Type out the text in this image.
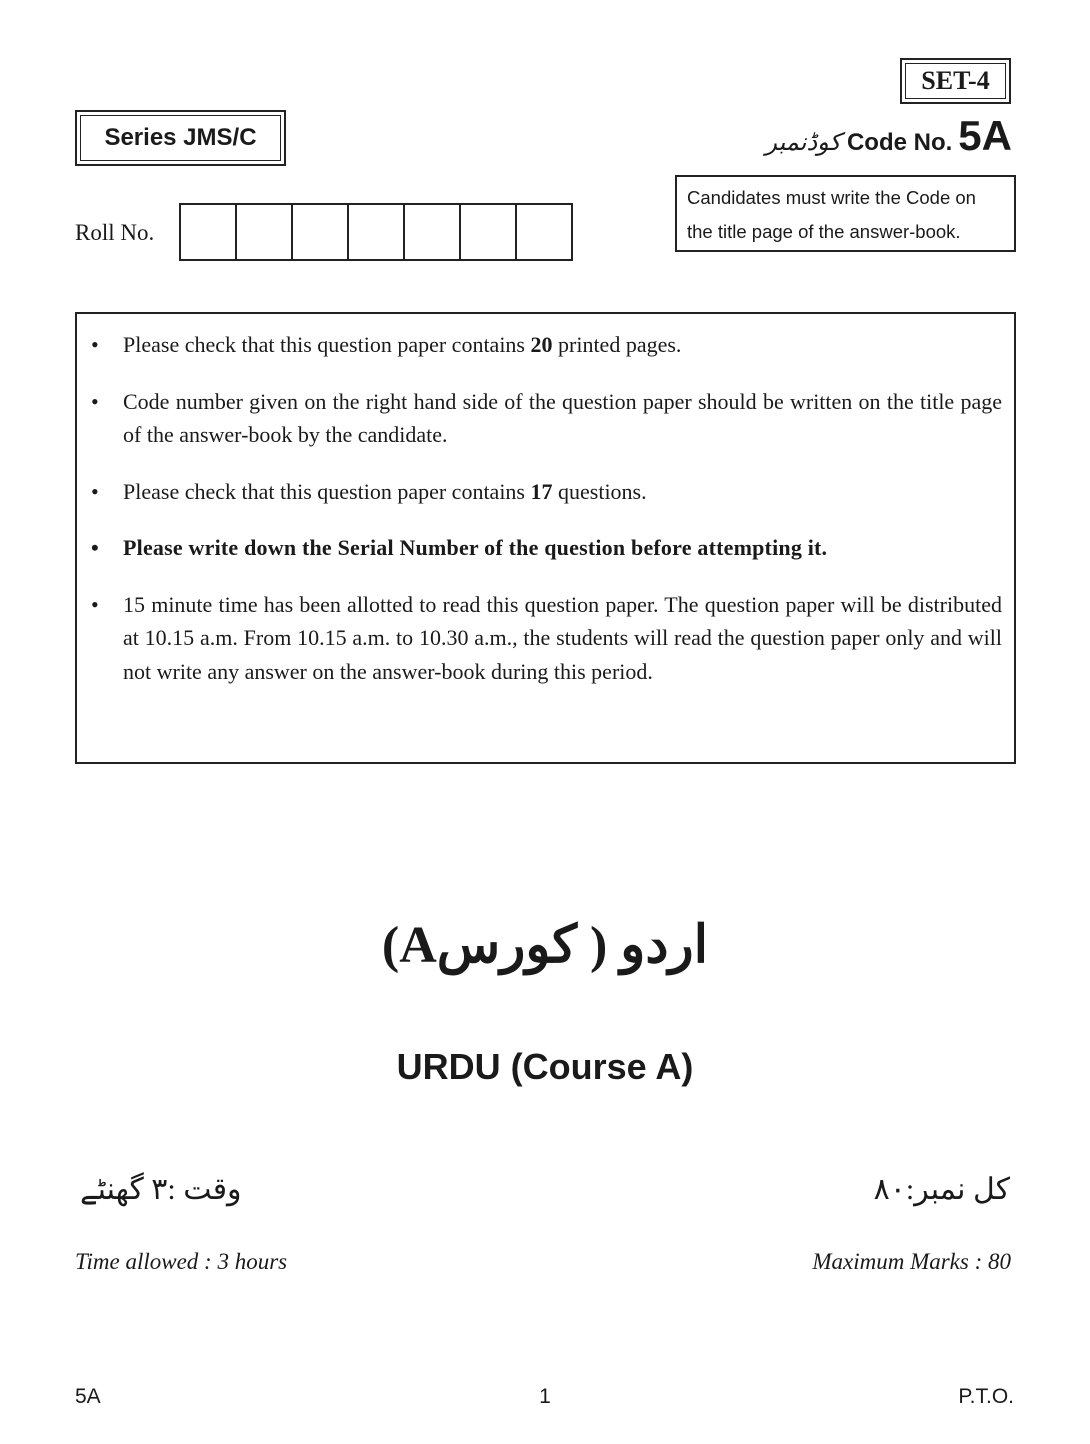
SET-4
Series JMS/C	کوڈنمبر Code No. 5A
Candidates must write the Code on
the title page of the answer-book.
Roll No.
• Please check that this question paper contains 20 printed pages.
• Code number given on the right hand side of the question paper should be written on the title page of the answer-book by the candidate.
• Please check that this question paper contains 17 questions.
• Please write down the Serial Number of the question before attempting it.
• 15 minute time has been allotted to read this question paper. The question paper will be distributed at 10.15 a.m. From 10.15 a.m. to 10.30 a.m., the students will read the question paper only and will not write any answer on the answer-book during this period.
اردو ( کورسA)
URDU (Course A)
وقت :۳ گھنٹے	کل نمبر:۸۰
Time allowed : 3 hours	Maximum Marks : 80
5A	1	P.T.O.
